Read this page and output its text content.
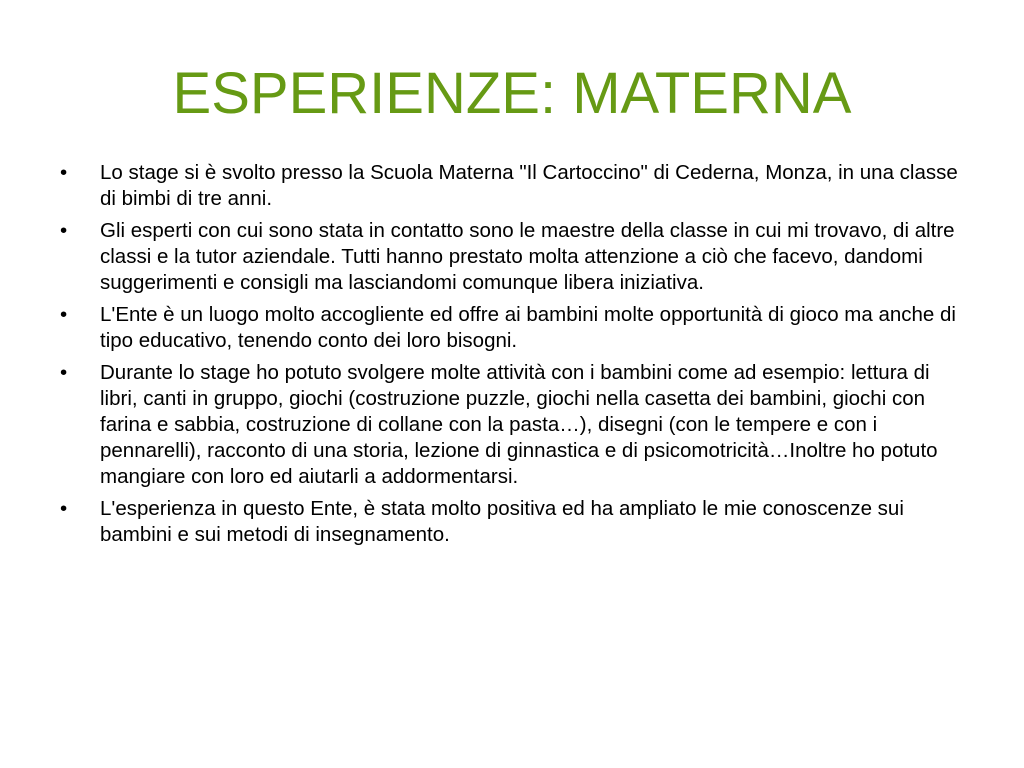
ESPERIENZE: MATERNA
•	Lo stage si è svolto presso la Scuola Materna "Il Cartoccino" di Cederna, Monza, in una classe di bimbi di tre anni.
•	Gli esperti con cui sono stata in contatto sono le maestre della classe in cui mi trovavo, di altre classi e la tutor aziendale. Tutti hanno prestato molta attenzione a ciò che facevo, dandomi suggerimenti e consigli ma lasciandomi comunque libera iniziativa.
•	L'Ente è un luogo molto accogliente ed offre ai bambini molte opportunità di gioco ma anche di tipo educativo, tenendo conto dei loro bisogni.
•	Durante lo stage ho potuto svolgere molte attività con i bambini come ad esempio: lettura di libri, canti in gruppo, giochi (costruzione puzzle, giochi nella casetta dei bambini, giochi con farina e sabbia, costruzione di collane con la pasta…), disegni (con le tempere e con i pennarelli), racconto di una storia, lezione di ginnastica e di psicomotricità…Inoltre ho potuto mangiare con loro ed aiutarli a addormentarsi.
•	L'esperienza in questo Ente, è stata molto positiva ed ha ampliato le mie conoscenze sui bambini e sui metodi di insegnamento.
